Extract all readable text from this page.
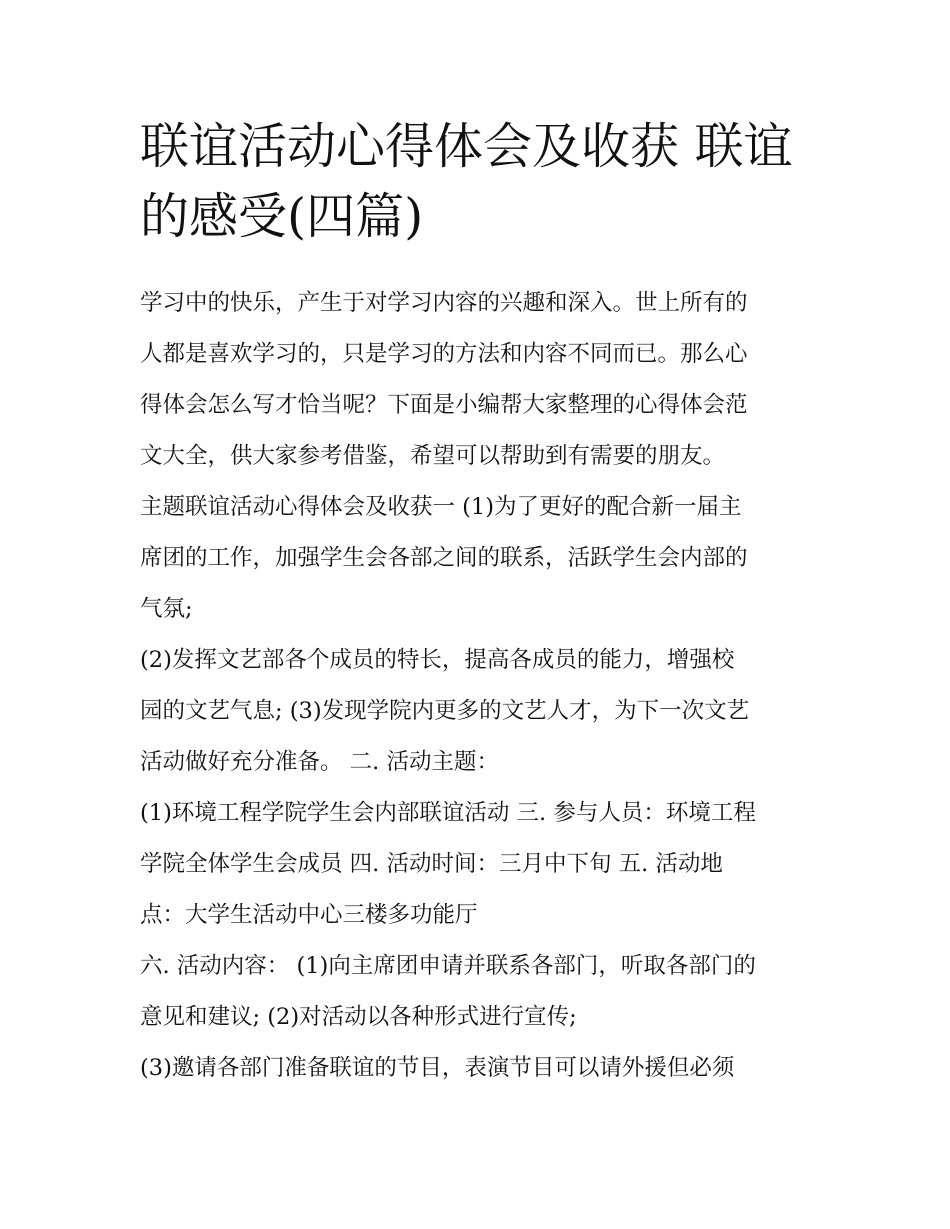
联谊活动心得体会及收获 联谊
的感受(四篇)
学习中的快乐，产生于对学习内容的兴趣和深入。世上所有的
人都是喜欢学习的，只是学习的方法和内容不同而已。那么心
得体会怎么写才恰当呢？下面是小编帮大家整理的心得体会范
文大全，供大家参考借鉴，希望可以帮助到有需要的朋友。
主题联谊活动心得体会及收获一 (1)为了更好的配合新一届主
席团的工作，加强学生会各部之间的联系，活跃学生会内部的
气氛;
(2)发挥文艺部各个成员的特长，提高各成员的能力，增强校
园的文艺气息; (3)发现学院内更多的文艺人才，为下一次文艺
活动做好充分准备。 二. 活动主题：
(1)环境工程学院学生会内部联谊活动 三. 参与人员：环境工程
学院全体学生会成员 四. 活动时间：三月中下旬 五. 活动地
点：大学生活动中心三楼多功能厅
六. 活动内容： (1)向主席团申请并联系各部门，听取各部门的
意见和建议; (2)对活动以各种形式进行宣传;
(3)邀请各部门准备联谊的节目，表演节目可以请外援但必须
